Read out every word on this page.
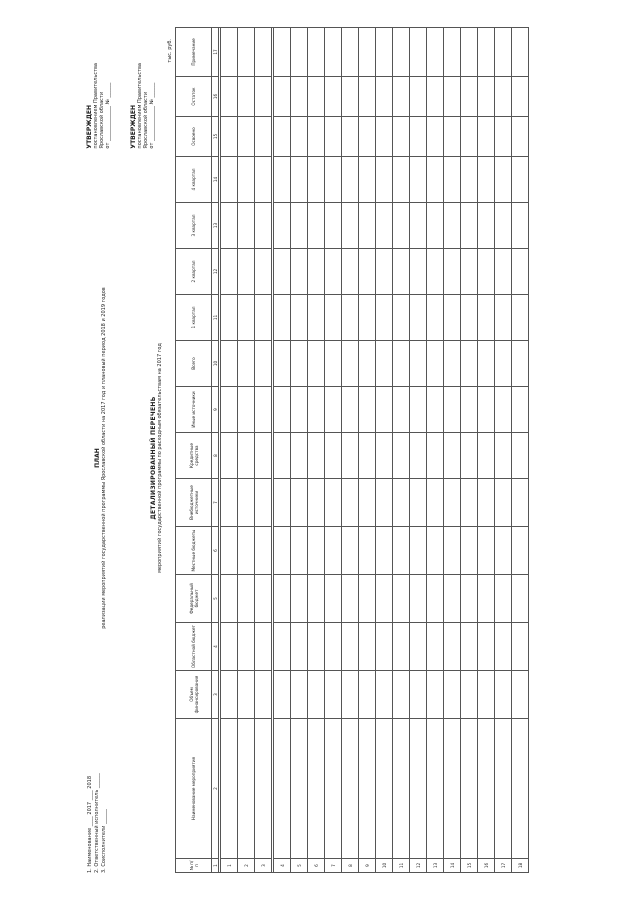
1. Наименование ____ 2017 ____ 2018 2. Ответственный исполнитель ______ 3. Соисполнители ______
УТВЕРЖДЕН постановлением Правительства Ярославской области от ______________ № ______
ПЛАН реализации мероприятий государственной программы Ярославской области на 2017 год и плановый период 2018 и 2019 годов
УТВЕРЖДЕН постановлением Правительства Ярославской области от ______________ № ______
ДЕТАЛИЗИРОВАННЫЙ ПЕРЕЧЕНЬ мероприятий государственной программы по расходным обязательствам на 2017 год
тыс. руб.
№ п/п	Наименование мероприятия	Объем финансирования	Областной бюджет	Федеральный бюджет	Местные бюджеты	Внебюджетные источники	Кредитные средства	Иные источники	Всего	1 квартал	2 квартал	3 квартал	4 квартал	Освоено	Остаток	Примечание
1	2	3	4	5	6	7	8	9	10	11	12	13	14	15	16	17

1																
2																
3																

4																
5																
6																
7																
8																
9																
10																
11																
12																
13																
14																
15																
16																
17																
18																
